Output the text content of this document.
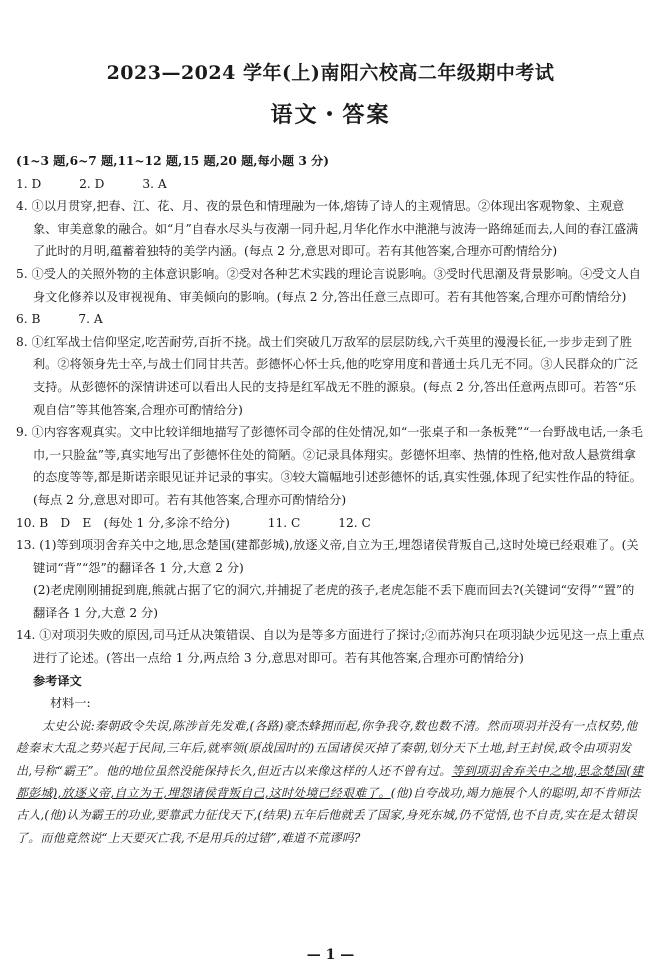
2023—2024 学年(上)南阳六校高二年级期中考试
语文・答案

(1~3 题,6~7 题,11~12 题,15 题,20 题,每小题 3 分)

1. D	2. D	3. A

4. ①以月贯穿,把春、江、花、月、夜的景色和情理融为一体,熔铸了诗人的主观情思。②体现出客观物象、主观意象、审美意象的融合。如“月”自春水尽头与夜潮一同升起,月华化作水中滟滟与波涛一路绵延而去,人间的春江盛满了此时的月明,蕴蓄着独特的美学内涵。(每点 2 分,意思对即可。若有其他答案,合理亦可酌情给分)

5. ①受人的关照外物的主体意识影响。②受对各种艺术实践的理论言说影响。③受时代思潮及背景影响。④受文人自身文化修养以及审视视角、审美倾向的影响。(每点 2 分,答出任意三点即可。若有其他答案,合理亦可酌情给分)

6. B	7. A

8. ①红军战士信仰坚定,吃苦耐劳,百折不挠。战士们突破几万敌军的层层防线,六千英里的漫漫长征,一步步走到了胜利。②将领身先士卒,与战士们同甘共苦。彭德怀心怀士兵,他的吃穿用度和普通士兵几无不同。③人民群众的广泛支持。从彭德怀的深情讲述可以看出人民的支持是红军战无不胜的源泉。(每点 2 分,答出任意两点即可。若答“乐观自信”等其他答案,合理亦可酌情给分)

9. ①内容客观真实。文中比较详细地描写了彭德怀司令部的住处情况,如“一张桌子和一条板凳”“一台野战电话,一条毛巾,一只脸盆”等,真实地写出了彭德怀住处的简陋。②记录具体翔实。彭德怀坦率、热情的性格,他对敌人悬赏缉拿的态度等等,都是斯诺亲眼见证并记录的事实。③较大篇幅地引述彭德怀的话,真实性强,体现了纪实性作品的特征。(每点 2 分,意思对即可。若有其他答案,合理亦可酌情给分)

10. B　D　E　(每处 1 分,多涂不给分)	11. C	12. C

13. (1)等到项羽舍弃关中之地,思念楚国(建都彭城),放逐义帝,自立为王,埋怨诸侯背叛自己,这时处境已经艰难了。(关键词“背”“怨”的翻译各 1 分,大意 2 分)

(2)老虎刚刚捕捉到鹿,熊就占据了它的洞穴,并捕捉了老虎的孩子,老虎怎能不丢下鹿而回去?(关键词“安得”“置”的翻译各 1 分,大意 2 分)

14. ①对项羽失败的原因,司马迁从决策错误、自以为是等多方面进行了探讨;②而苏洵只在项羽缺少远见这一点上重点进行了论述。(答出一点给 1 分,两点给 3 分,意思对即可。若有其他答案,合理亦可酌情给分)

参考译文

材料一:

太史公说:秦朝政令失误,陈涉首先发难,(各路)豪杰蜂拥而起,你争我夺,数也数不清。然而项羽并没有一点权势,他趁秦末大乱之势兴起于民间,三年后,就率领(原战国时的)五国诸侯灭掉了秦朝,划分天下土地,封王封侯,政令由项羽发出,号称“霸王”。他的地位虽然没能保持长久,但近古以来像这样的人还不曾有过。等到项羽舍弃关中之地,思念楚国(建都彭城),放逐义帝,自立为王,埋怨诸侯背叛自己,这时处境已经艰难了。(他)自夸战功,竭力施展个人的聪明,却不肯师法古人,(他)认为霸王的功业,要靠武力征伐天下,(结果)五年后他就丢了国家,身死东城,仍不觉悟,也不自责,实在是太错误了。而他竟然说“上天要灭亡我,不是用兵的过错”,难道不荒谬吗?

— 1 —
